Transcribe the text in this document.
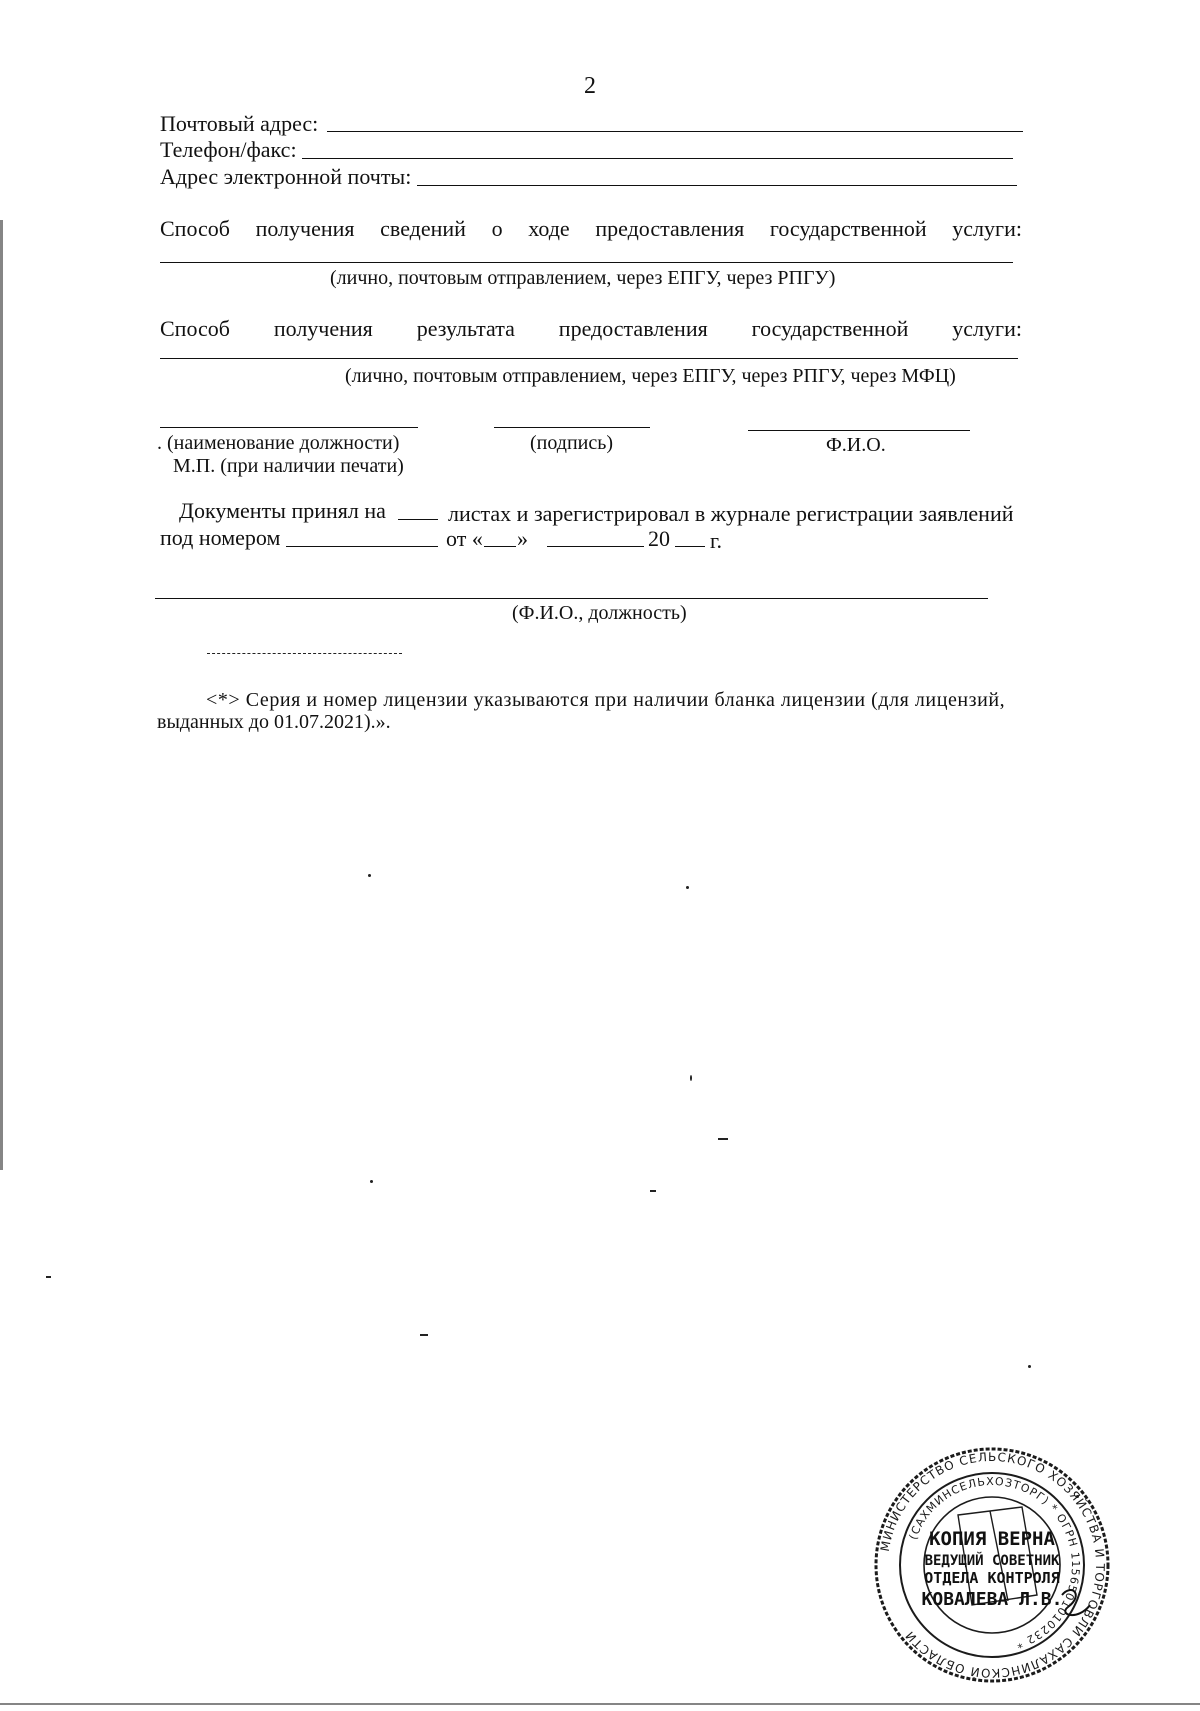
2
Почтовый адрес:
Телефон/факс:
Адрес электронной почты:
Способ получения сведений о ходе предоставления государственной услуги:
(лично, почтовым отправлением, через ЕПГУ, через РПГУ)
Способ получения результата предоставления государственной услуги:
(лично, почтовым отправлением, через ЕПГУ, через РПГУ, через МФЦ)
. (наименование должности)	(подпись)	Ф.И.О.
М.П. (при наличии печати)
Документы принял на	листах и зарегистрировал в журнале регистрации заявлений
под номером	от « »	20 г.
(Ф.И.О., должность)
<*> Серия и номер лицензии указываются при наличии бланка лицензии (для лицензий,
выданных до 01.07.2021).».
МИНИСТЕРСТВО СЕЛЬСКОГО ХОЗЯЙСТВА И ТОРГОВЛИ САХАЛИНСКОЙ ОБЛАСТИ
(САХМИНСЕЛЬХОЗТОРГ) * ОГРН 1156501010232 *
КОПИЯ ВЕРНА
ВЕДУЩИЙ СОВЕТНИК
ОТДЕЛА КОНТРОЛЯ
КОВАЛЕВА Л.В.
